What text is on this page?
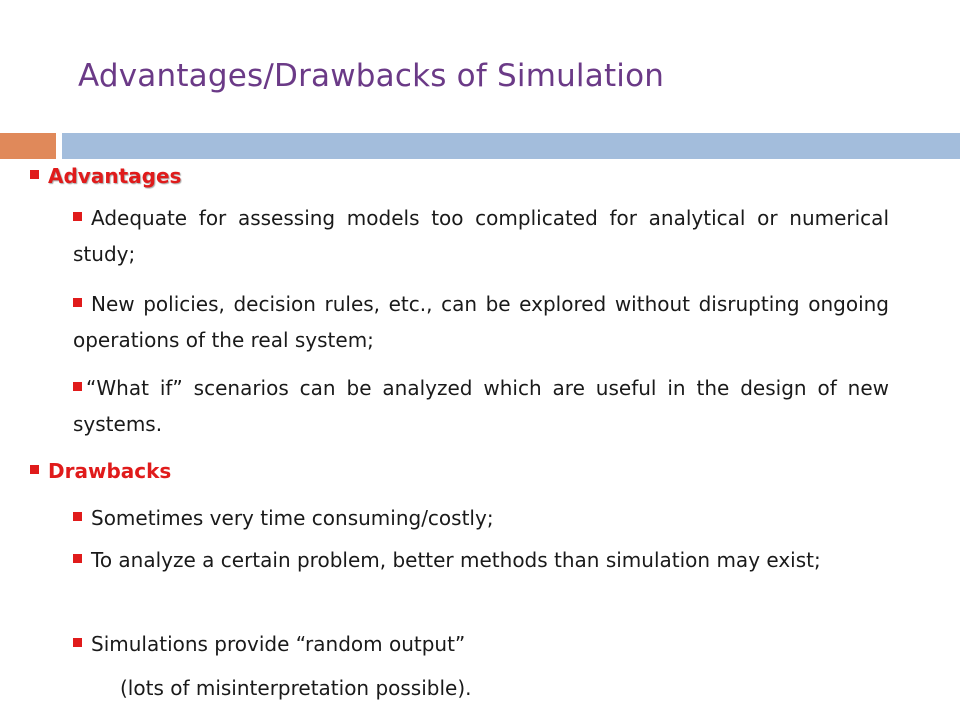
Advantages/Drawbacks of Simulation
Advantages
Adequate for assessing models too complicated for analytical or numerical study;
New policies, decision rules, etc., can be explored without disrupting ongoing operations of the real system;
“What if” scenarios can be analyzed which are useful in the design of new systems.
Drawbacks
Sometimes very time consuming/costly;
To analyze a certain problem, better methods than simulation may exist;
Simulations provide “random output”
(lots of misinterpretation possible).
